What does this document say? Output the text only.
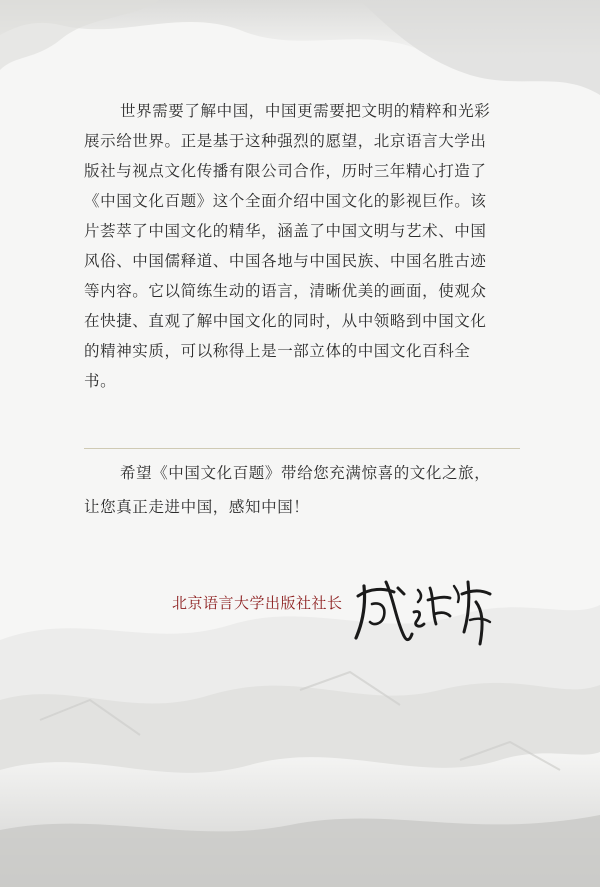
世界需要了解中国，中国更需要把文明的精粹和光彩
展示给世界。正是基于这种强烈的愿望，北京语言大学出
版社与视点文化传播有限公司合作，历时三年精心打造了
《中国文化百题》这个全面介绍中国文化的影视巨作。该
片荟萃了中国文化的精华，涵盖了中国文明与艺术、中国
风俗、中国儒释道、中国各地与中国民族、中国名胜古迹
等内容。它以简练生动的语言，清晰优美的画面，使观众
在快捷、直观了解中国文化的同时，从中领略到中国文化
的精神实质，可以称得上是一部立体的中国文化百科全
书。

希望《中国文化百题》带给您充满惊喜的文化之旅，
让您真正走进中国，感知中国！

北京语言大学出版社社长
